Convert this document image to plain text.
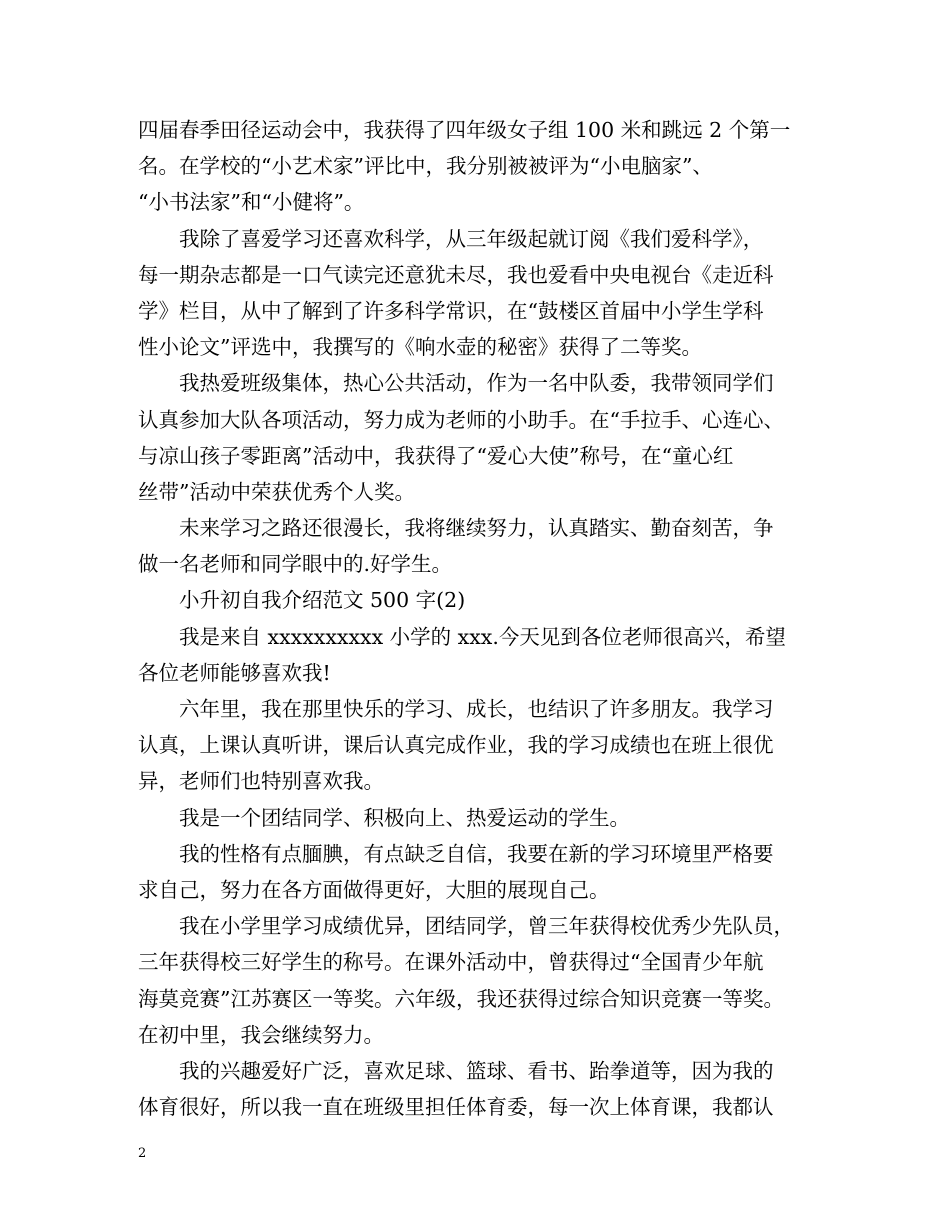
四届春季田径运动会中，我获得了四年级女子组 100 米和跳远 2 个第一
名。在学校的“小艺术家”评比中，我分别被被评为“小电脑家”、
“小书法家”和“小健将”。
我除了喜爱学习还喜欢科学，从三年级起就订阅《我们爱科学》，
每一期杂志都是一口气读完还意犹未尽，我也爱看中央电视台《走近科
学》栏目，从中了解到了许多科学常识，在“鼓楼区首届中小学生学科
性小论文”评选中，我撰写的《响水壶的秘密》获得了二等奖。
我热爱班级集体，热心公共活动，作为一名中队委，我带领同学们
认真参加大队各项活动，努力成为老师的小助手。在“手拉手、心连心、
与凉山孩子零距离”活动中，我获得了“爱心大使”称号，在“童心红
丝带”活动中荣获优秀个人奖。
未来学习之路还很漫长，我将继续努力，认真踏实、勤奋刻苦，争
做一名老师和同学眼中的.好学生。
小升初自我介绍范文 500 字(2)
我是来自 xxxxxxxxxx 小学的 xxx.今天见到各位老师很高兴，希望
各位老师能够喜欢我!
六年里，我在那里快乐的学习、成长，也结识了许多朋友。我学习
认真，上课认真听讲，课后认真完成作业，我的学习成绩也在班上很优
异，老师们也特别喜欢我。
我是一个团结同学、积极向上、热爱运动的学生。
我的性格有点腼腆，有点缺乏自信，我要在新的学习环境里严格要
求自己，努力在各方面做得更好，大胆的展现自己。
我在小学里学习成绩优异，团结同学，曾三年获得校优秀少先队员，
三年获得校三好学生的称号。在课外活动中，曾获得过“全国青少年航
海莫竞赛”江苏赛区一等奖。六年级，我还获得过综合知识竞赛一等奖。
在初中里，我会继续努力。
我的兴趣爱好广泛，喜欢足球、篮球、看书、跆拳道等，因为我的
体育很好，所以我一直在班级里担任体育委，每一次上体育课，我都认
2
